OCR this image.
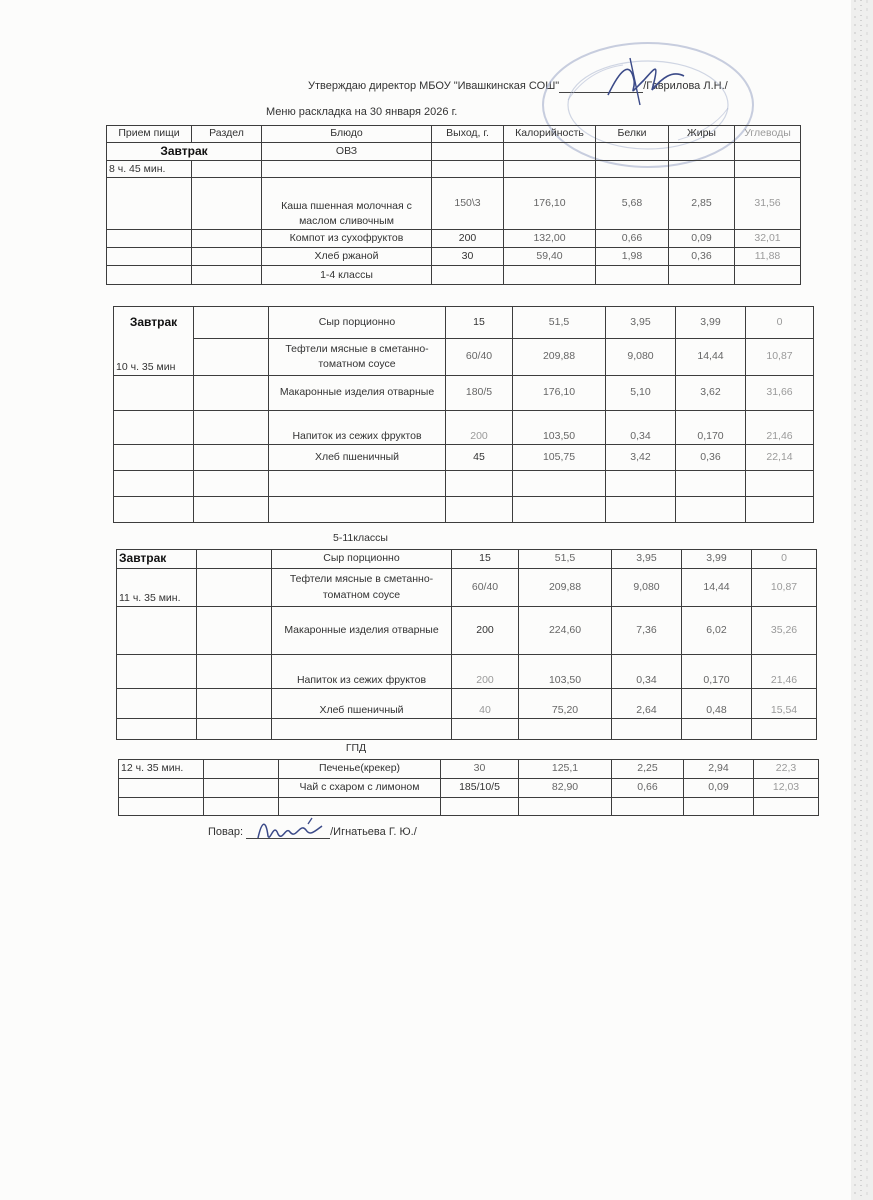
Утверждаю директор МБОУ "Ивашкинская СОШ"	/Гаврилова Л.Н./
Меню раскладка на 30 января 2026 г.
Прием пищи	Раздел	Блюдо	Выход, г.	Калорийность	Белки	Жиры	Углеводы
Завтрак		ОВЗ					
8 ч. 45 мин.							
		Каша пшенная молочная с маслом сливочным	150\3	176,10	5,68	2,85	31,56
		Компот из сухофруктов	200	132,00	0,66	0,09	32,01
		Хлеб ржаной	30	59,40	1,98	0,36	11,88
		1-4 классы					
Завтрак		Сыр порционно	15	51,5	3,95	3,99	0
10 ч. 35 мин		Тефтели мясные в сметанно-томатном соусе	60/40	209,88	9,080	14,44	10,87
		Макаронные изделия отварные	180/5	176,10	5,10	3,62	31,66
		Напиток из сежих фруктов	200	103,50	0,34	0,170	21,46
		Хлеб пшеничный	45	105,75	3,42	0,36	22,14

5-11классы
Завтрак		Сыр порционно	15	51,5	3,95	3,99	0
11 ч. 35 мин.		Тефтели мясные в сметанно-томатном соусе	60/40	209,88	9,080	14,44	10,87
		Макаронные изделия отварные	200	224,60	7,36	6,02	35,26
		Напиток из сежих фруктов	200	103,50	0,34	0,170	21,46
		Хлеб пшеничный	40	75,20	2,64	0,48	15,54

ГПД
12 ч. 35 мин.		Печенье(крекер)	30	125,1	2,25	2,94	22,3
		Чай с схаром с лимоном	185/10/5	82,90	0,66	0,09	12,03

Повар:	/Игнатьева Г. Ю./
